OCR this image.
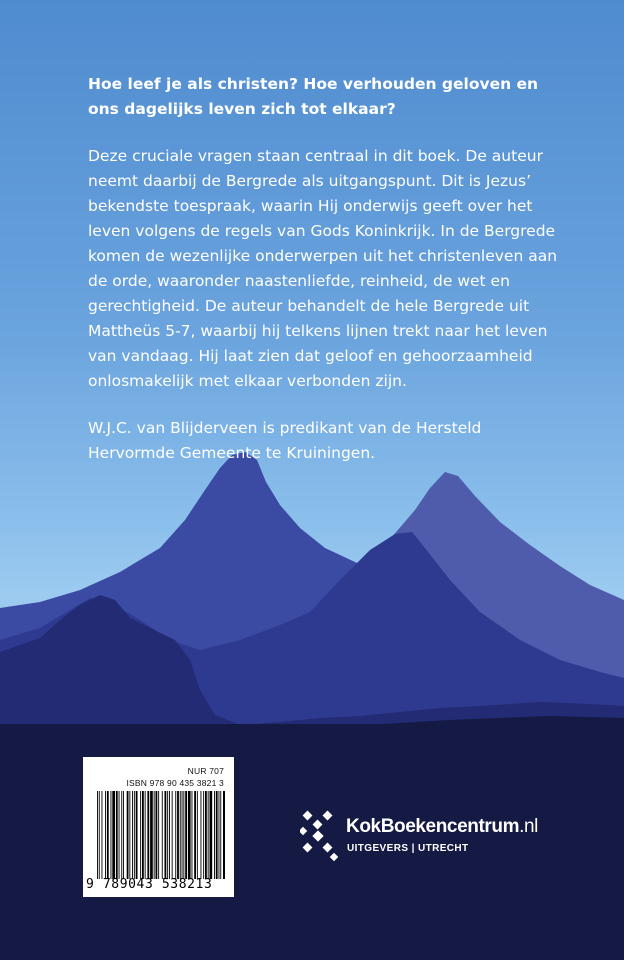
Hoe leef je als christen? Hoe verhouden geloven en ons dagelijks leven zich tot elkaar?

Deze cruciale vragen staan centraal in dit boek. De auteur neemt daarbij de Bergrede als uitgangspunt. Dit is Jezus’ bekendste toespraak, waarin Hij onderwijs geeft over het leven volgens de regels van Gods Koninkrijk. In de Bergrede komen de wezenlijke onderwerpen uit het christenleven aan de orde, waaronder naastenliefde, reinheid, de wet en gerechtigheid. De auteur behandelt de hele Bergrede uit Mattheüs 5-7, waarbij hij telkens lijnen trekt naar het leven van vandaag. Hij laat zien dat geloof en gehoorzaamheid onlosmakelijk met elkaar verbonden zijn.

W.J.C. van Blijderveen is predikant van de Hersteld Hervormde Gemeente te Kruiningen.

NUR 707
ISBN 978 90 435 3821 3
9 789043 538213
KokBoekencentrum.nl
UITGEVERS | UTRECHT
